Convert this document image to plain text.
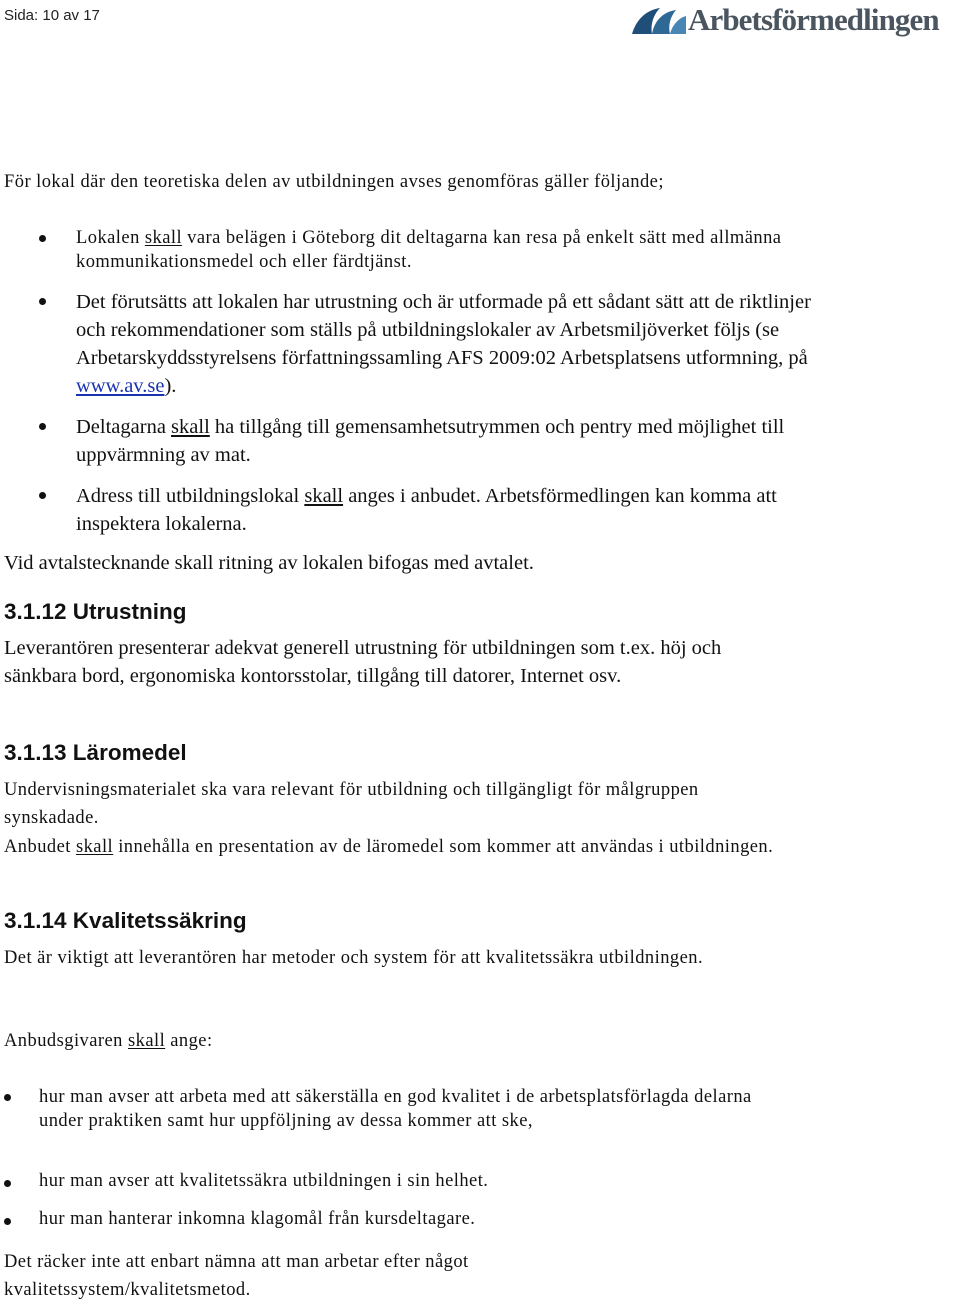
Sida: 10 av 17	Arbetsförmedlingen

För lokal där den teoretiska delen av utbildningen avses genomföras gäller följande;

Lokalen skall vara belägen i Göteborg dit deltagarna kan resa på enkelt sätt med allmänna kommunikationsmedel och eller färdtjänst.

Det förutsätts att lokalen har utrustning och är utformade på ett sådant sätt att de riktlinjer och rekommendationer som ställs på utbildningslokaler av Arbetsmiljöverket följs (se Arbetarskyddsstyrelsens författningssamling AFS 2009:02 Arbetsplatsens utformning, på www.av.se).

Deltagarna skall ha tillgång till gemensamhetsutrymmen och pentry med möjlighet till uppvärmning av mat.

Adress till utbildningslokal skall anges i anbudet. Arbetsförmedlingen kan komma att inspektera lokalerna.

Vid avtalstecknande skall ritning av lokalen bifogas med avtalet.

3.1.12 Utrustning

Leverantören presenterar adekvat generell utrustning för utbildningen som t.ex. höj och sänkbara bord, ergonomiska kontorsstolar, tillgång till datorer, Internet osv.

3.1.13 Läromedel

Undervisningsmaterialet ska vara relevant för utbildning och tillgängligt för målgruppen synskadade.

Anbudet skall innehålla en presentation av de läromedel som kommer att användas i utbildningen.

3.1.14 Kvalitetssäkring

Det är viktigt att leverantören har metoder och system för att kvalitetssäkra utbildningen.

Anbudsgivaren skall ange:

hur man avser att arbeta med att säkerställa en god kvalitet i de arbetsplatsförlagda delarna under praktiken samt hur uppföljning av dessa kommer att ske,

hur man avser att kvalitetssäkra utbildningen i sin helhet.

hur man hanterar inkomna klagomål från kursdeltagare.

Det räcker inte att enbart nämna att man arbetar efter något kvalitetssystem/kvalitetsmetod.
